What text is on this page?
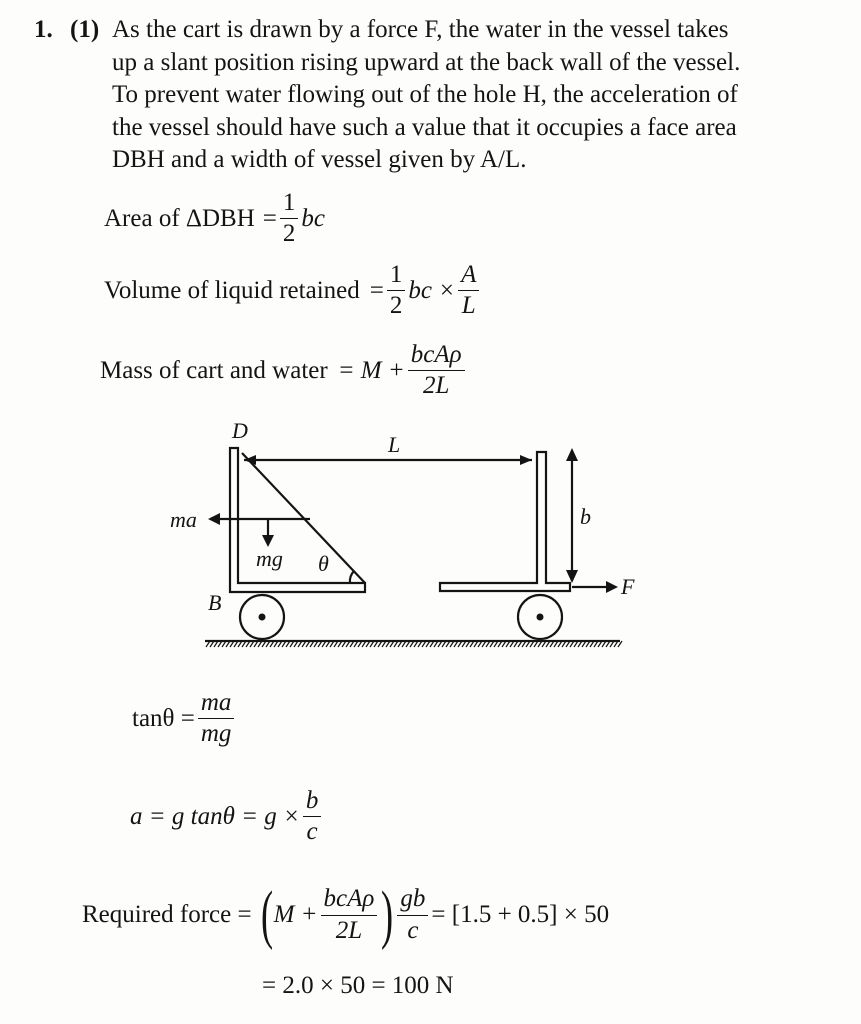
1. (1) As the cart is drawn by a force F, the water in the vessel takes
up a slant position rising upward at the back wall of the vessel.
To prevent water flowing out of the hole H, the acceleration of
the vessel should have such a value that it occupies a face area
DBH and a width of vessel given by A/L.
Area of $\Delta DBH = \frac{1}{2}$ bc
Volume of liquid retained = $\frac{1}{2}$ bc × $\frac{A}{L}$
Mass of cart and water = $M + \frac{\text{bcAρ}}{2L}$
D
L
ma
mg θ
b
B
F
$\tan\theta = \frac{ma}{mg}$
a = g $\tan\theta = g \times \frac{b}{c}$
Required force = ( $M + \frac{\text{bcAρ}}{2L}$ ) $\frac{gb}{c} = [1.5 + 0.5] \times 50$
= 2.0 × 50 = 100 N
